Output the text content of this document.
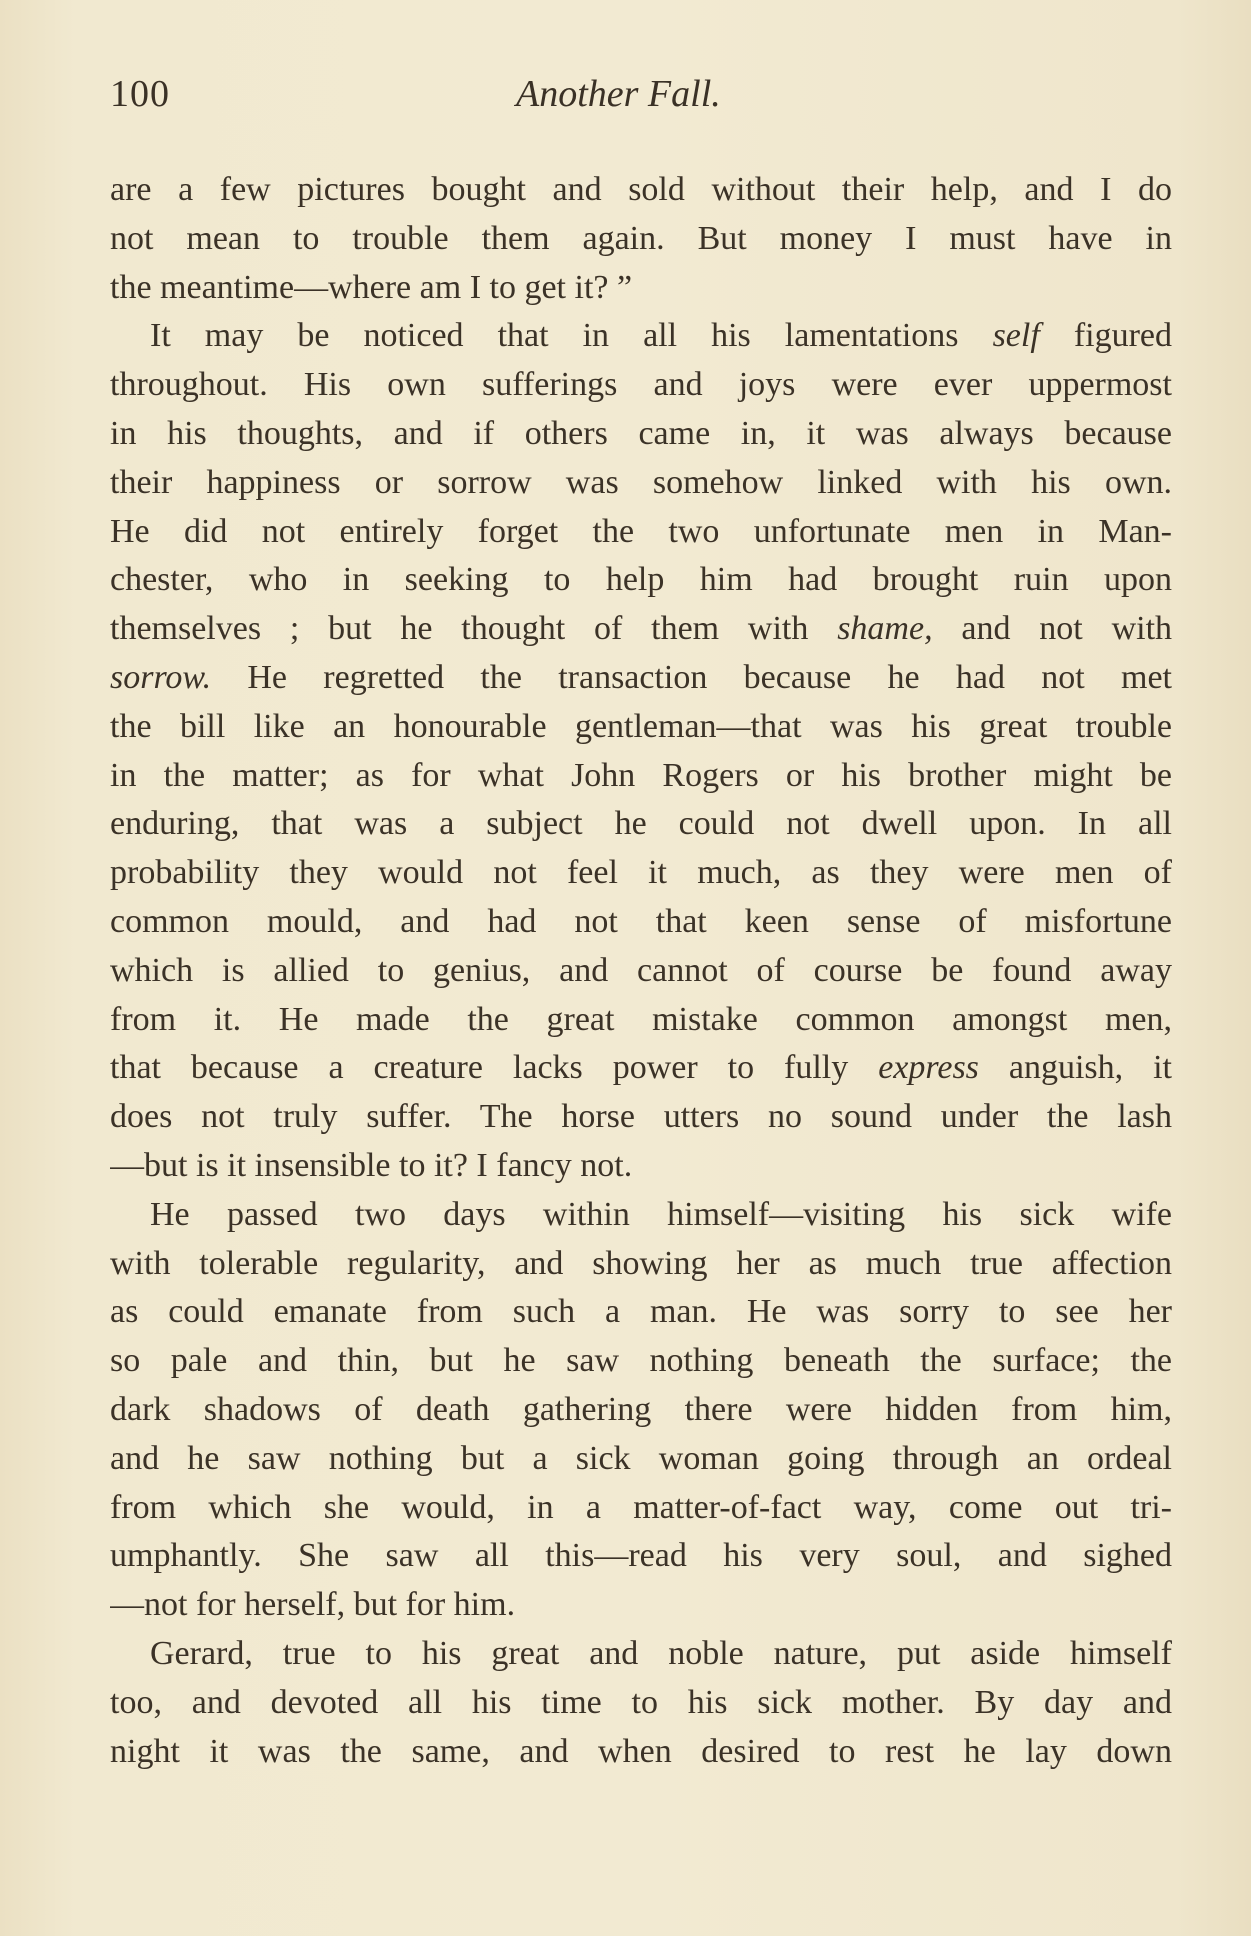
100	Another Fall.
are a few pictures bought and sold without their help, and I do
not mean to trouble them again. But money I must have in
the meantime—where am I to get it? ”
It may be noticed that in all his lamentations self figured
throughout. His own sufferings and joys were ever uppermost
in his thoughts, and if others came in, it was always because
their happiness or sorrow was somehow linked with his own.
He did not entirely forget the two unfortunate men in Man-
chester, who in seeking to help him had brought ruin upon
themselves ; but he thought of them with shame, and not with
sorrow. He regretted the transaction because he had not met
the bill like an honourable gentleman—that was his great trouble
in the matter; as for what John Rogers or his brother might be
enduring, that was a subject he could not dwell upon. In all
probability they would not feel it much, as they were men of
common mould, and had not that keen sense of misfortune
which is allied to genius, and cannot of course be found away
from it. He made the great mistake common amongst men,
that because a creature lacks power to fully express anguish, it
does not truly suffer. The horse utters no sound under the lash
—but is it insensible to it? I fancy not.
He passed two days within himself—visiting his sick wife
with tolerable regularity, and showing her as much true affection
as could emanate from such a man. He was sorry to see her
so pale and thin, but he saw nothing beneath the surface; the
dark shadows of death gathering there were hidden from him,
and he saw nothing but a sick woman going through an ordeal
from which she would, in a matter-of-fact way, come out tri-
umphantly. She saw all this—read his very soul, and sighed
—not for herself, but for him.
Gerard, true to his great and noble nature, put aside himself
too, and devoted all his time to his sick mother. By day and
night it was the same, and when desired to rest he lay down
